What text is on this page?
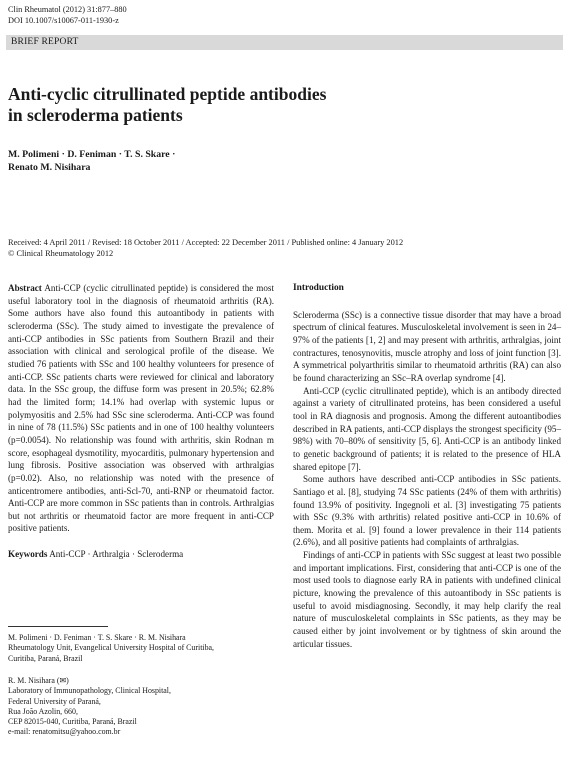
Clin Rheumatol (2012) 31:877–880
DOI 10.1007/s10067-011-1930-z
BRIEF REPORT
Anti-cyclic citrullinated peptide antibodies
in scleroderma patients
M. Polimeni · D. Feniman · T. S. Skare ·
Renato M. Nisihara
Received: 4 April 2011 / Revised: 18 October 2011 / Accepted: 22 December 2011 / Published online: 4 January 2012
© Clinical Rheumatology 2012

Abstract Anti-CCP (cyclic citrullinated peptide) is considered the most useful laboratory tool in the diagnosis of rheumatoid arthritis (RA). Some authors have also found this autoantibody in patients with scleroderma (SSc). The study aimed to investigate the prevalence of anti-CCP antibodies in SSc patients from Southern Brazil and their association with clinical and serological profile of the disease. We studied 76 patients with SSc and 100 healthy volunteers for presence of anti-CCP. SSc patients charts were reviewed for clinical and laboratory data. In the SSc group, the diffuse form was present in 20.5%; 62.8% had the limited form; 14.1% had overlap with systemic lupus or polymyositis and 2.5% had SSc sine scleroderma. Anti-CCP was found in nine of 78 (11.5%) SSc patients and in one of 100 healthy volunteers (p=0.0054). No relationship was found with arthritis, skin Rodnan m score, esophageal dysmotility, myocarditis, pulmonary hypertension and lung fibrosis. Positive association was observed with arthralgias (p=0.02). Also, no relationship was noted with the presence of anticentromere antibodies, anti-Scl-70, anti-RNP or rheumatoid factor. Anti-CCP are more common in SSc patients than in controls. Arthralgias but not arthritis or rheumatoid factor are more frequent in anti-CCP positive patients.

Keywords Anti-CCP · Arthralgia · Scleroderma

M. Polimeni · D. Feniman · T. S. Skare · R. M. Nisihara

Rheumatology Unit, Evangelical University Hospital of Curitiba,

Curitiba, Paraná, Brazil

R. M. Nisihara (✉)

Laboratory of Immunopathology, Clinical Hospital,

Federal University of Paraná,

Rua João Azolin, 660,

CEP 82015-040, Curitiba, Paraná, Brazil

e-mail: renatomitsu@yahoo.com.br

Introduction

Scleroderma (SSc) is a connective tissue disorder that may have a broad spectrum of clinical features. Musculoskeletal involvement is seen in 24–97% of the patients [1, 2] and may present with arthritis, arthralgias, joint contractures, tenosynovitis, muscle atrophy and loss of joint function [3]. A symmetrical polyarthritis similar to rheumatoid arthritis (RA) can also be found characterizing an SSc–RA overlap syndrome [4].

Anti-CCP (cyclic citrullinated peptide), which is an antibody directed against a variety of citrullinated proteins, has been considered a useful tool in RA diagnosis and prognosis. Among the different autoantibodies described in RA patients, anti-CCP displays the strongest specificity (95–98%) with 70–80% of sensitivity [5, 6]. Anti-CCP is an antibody linked to genetic background of patients; it is related to the presence of HLA shared epitope [7].

Some authors have described anti-CCP antibodies in SSc patients. Santiago et al. [8], studying 74 SSc patients (24% of them with arthritis) found 13.9% of positivity. Ingegnoli et al. [3] investigating 75 patients with SSc (9.3% with arthritis) related positive anti-CCP in 10.6% of them. Morita et al. [9] found a lower prevalence in their 114 patients (2.6%), and all positive patients had complaints of arthralgias.

Findings of anti-CCP in patients with SSc suggest at least two possible and important implications. First, considering that anti-CCP is one of the most used tools to diagnose early RA in patients with undefined clinical picture, knowing the prevalence of this autoantibody in SSc patients is useful to avoid misdiagnosing. Secondly, it may help clarify the real nature of musculoskeletal complaints in SSc patients, as they may be caused either by joint involvement or by tightness of skin around the articular tissues.
